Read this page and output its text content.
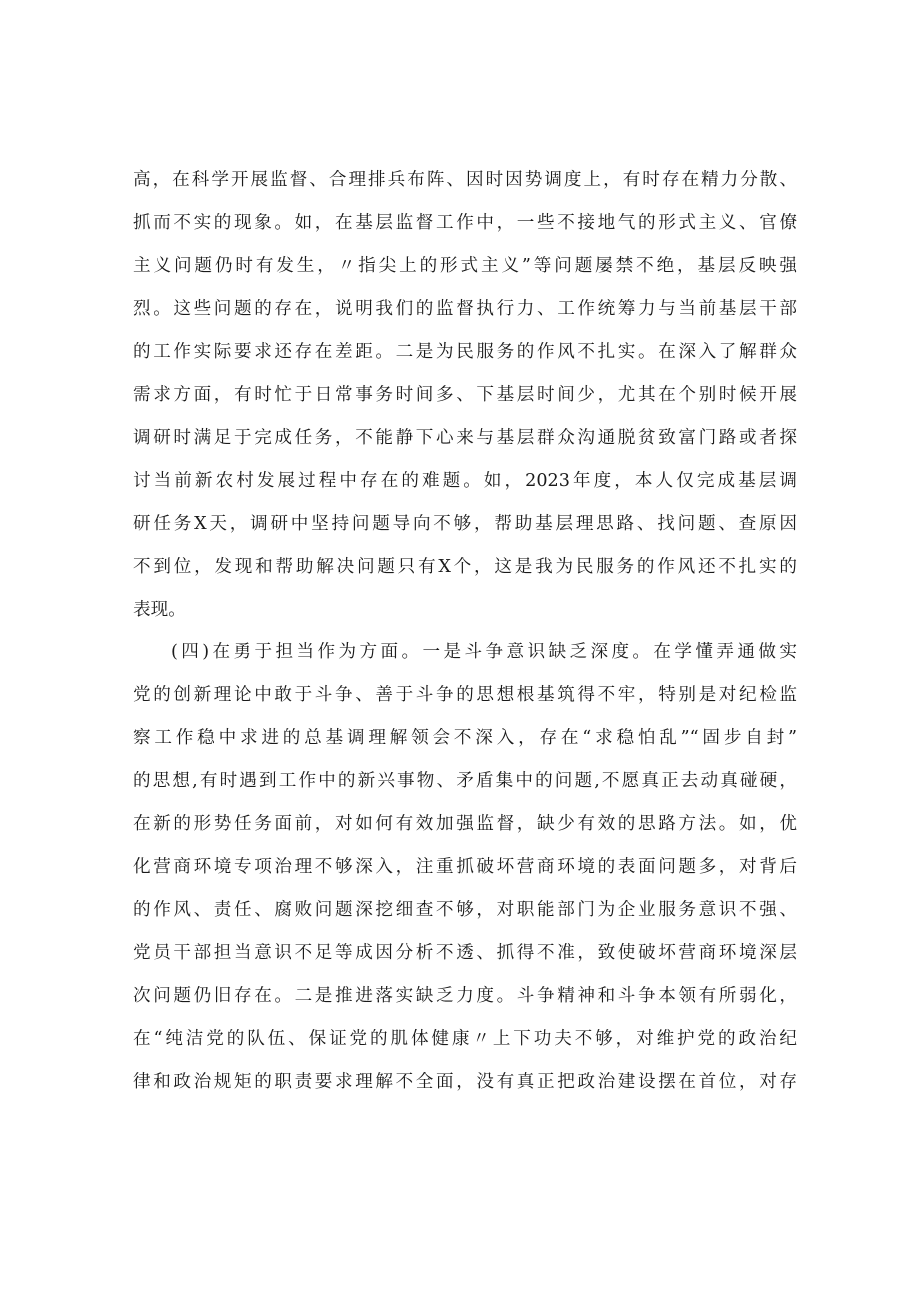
高，在科学开展监督、合理排兵布阵、因时因势调度上，有时存在精力分散、
抓而不实的现象。如，在基层监督工作中，一些不接地气的形式主义、官僚
主义问题仍时有发生，〃指尖上的形式主义”等问题屡禁不绝，基层反映强
烈。这些问题的存在，说明我们的监督执行力、工作统筹力与当前基层干部
的工作实际要求还存在差距。二是为民服务的作风不扎实。在深入了解群众
需求方面，有时忙于日常事务时间多、下基层时间少，尤其在个别时候开展
调研时满足于完成任务，不能静下心来与基层群众沟通脱贫致富门路或者探
讨当前新农村发展过程中存在的难题。如，2023年度，本人仅完成基层调
研任务X天，调研中坚持问题导向不够，帮助基层理思路、找问题、查原因
不到位，发现和帮助解决问题只有X个，这是我为民服务的作风还不扎实的
表现。
(四)在勇于担当作为方面。一是斗争意识缺乏深度。在学懂弄通做实
党的创新理论中敢于斗争、善于斗争的思想根基筑得不牢，特别是对纪检监
察工作稳中求进的总基调理解领会不深入，存在“求稳怕乱”“固步自封”
的思想,有时遇到工作中的新兴事物、矛盾集中的问题,不愿真正去动真碰硬，
在新的形势任务面前，对如何有效加强监督，缺少有效的思路方法。如，优
化营商环境专项治理不够深入，注重抓破坏营商环境的表面问题多，对背后
的作风、责任、腐败问题深挖细查不够，对职能部门为企业服务意识不强、
党员干部担当意识不足等成因分析不透、抓得不准，致使破坏营商环境深层
次问题仍旧存在。二是推进落实缺乏力度。斗争精神和斗争本领有所弱化，
在“纯洁党的队伍、保证党的肌体健康〃上下功夫不够，对维护党的政治纪
律和政治规矩的职责要求理解不全面，没有真正把政治建设摆在首位，对存
